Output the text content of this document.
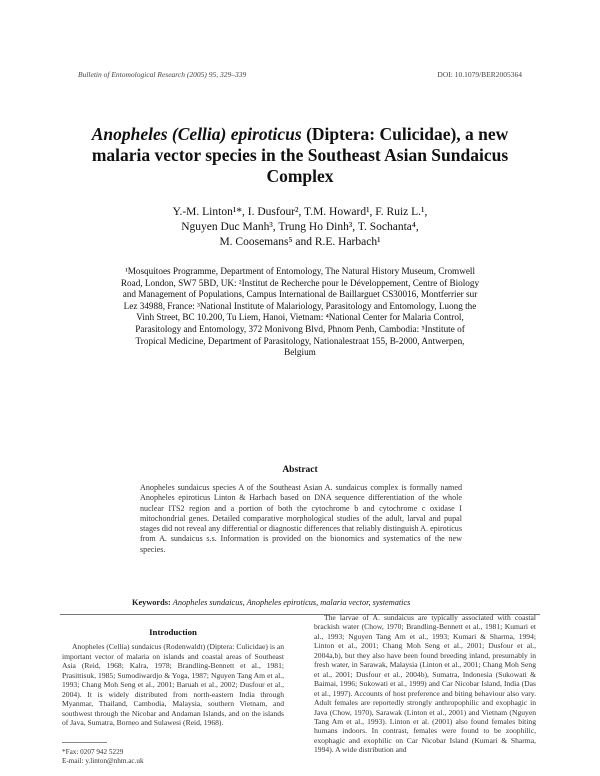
Bulletin of Entomological Research (2005) 95, 329–339	DOI: 10.1079/BER2005364
Anopheles (Cellia) epiroticus (Diptera: Culicidae), a new malaria vector species in the Southeast Asian Sundaicus Complex
Y.-M. Linton¹*, I. Dusfour², T.M. Howard¹, F. Ruiz L.¹,
Nguyen Duc Manh³, Trung Ho Dinh³, T. Sochanta⁴,
M. Coosemans⁵ and R.E. Harbach¹
¹Mosquitoes Programme, Department of Entomology, The Natural History Museum, Cromwell Road, London, SW7 5BD, UK: ²Institut de Recherche pour le Développement, Centre of Biology and Management of Populations, Campus International de Baillarguet CS30016, Montferrier sur Lez 34988, France: ³National Institute of Malariology, Parasitology and Entomology, Luong the Vinh Street, BC 10.200, Tu Liem, Hanoi, Vietnam: ⁴National Center for Malaria Control, Parasitology and Entomology, 372 Monivong Blvd, Phnom Penh, Cambodia: ⁵Institute of Tropical Medicine, Department of Parasitology, Nationalestraat 155, B-2000, Antwerpen, Belgium
Abstract
Anopheles sundaicus species A of the Southeast Asian A. sundaicus complex is formally named Anopheles epiroticus Linton & Harbach based on DNA sequence differentiation of the whole nuclear ITS2 region and a portion of both the cytochrome b and cytochrome c oxidase I mitochondrial genes. Detailed comparative morphological studies of the adult, larval and pupal stages did not reveal any differential or diagnostic differences that reliably distinguish A. epiroticus from A. sundaicus s.s. Information is provided on the bionomics and systematics of the new species.
Keywords: Anopheles sundaicus, Anopheles epiroticus, malaria vector, systematics
Introduction

Anopheles (Cellia) sundaicus (Rodenwaldt) (Diptera: Culicidae) is an important vector of malaria on islands and coastal areas of Southeast Asia (Reid, 1968; Kalra, 1978; Brandling-Bennett et al., 1981; Prasittisuk, 1985; Sumodiwardjo & Yoga, 1987; Nguyen Tang Am et al., 1993; Chang Moh Seng et al., 2001; Baruah et al., 2002; Dusfour et al., 2004). It is widely distributed from north-eastern India through Myanmar, Thailand, Cambodia, Malaysia, southern Vietnam, and southwest through the Nicobar and Andaman Islands, and on the islands of Java, Sumatra, Borneo and Sulawesi (Reid, 1968).

The larvae of A. sundaicus are typically associated with coastal brackish water (Chow, 1970; Brandling-Bennett et al., 1981; Kumari et al., 1993; Nguyen Tang Am et al., 1993; Kumari & Sharma, 1994; Linton et al., 2001; Chang Moh Seng et al., 2001; Dusfour et al., 2004a,b), but they also have been found breeding inland, presumably in fresh water, in Sarawak, Malaysia (Linton et al., 2001; Chang Moh Seng et al., 2001; Dusfour et al., 2004b), Sumatra, Indonesia (Sukowati & Baimai, 1996; Sukowati et al., 1999) and Car Nicobar Island, India (Das et al., 1997). Accounts of host preference and biting behaviour also vary. Adult females are reportedly strongly anthropophilic and exophagic in Java (Chow, 1970), Sarawak (Linton et al., 2001) and Vietnam (Nguyen Tang Am et al., 1993). Linton et al. (2001) also found females biting humans indoors. In contrast, females were found to be zoophilic, exophagic and exophilic on Car Nicobar Island (Kumari & Sharma, 1994). A wide distribution and

*Fax: 0207 942 5229
E-mail: y.linton@nhm.ac.uk
